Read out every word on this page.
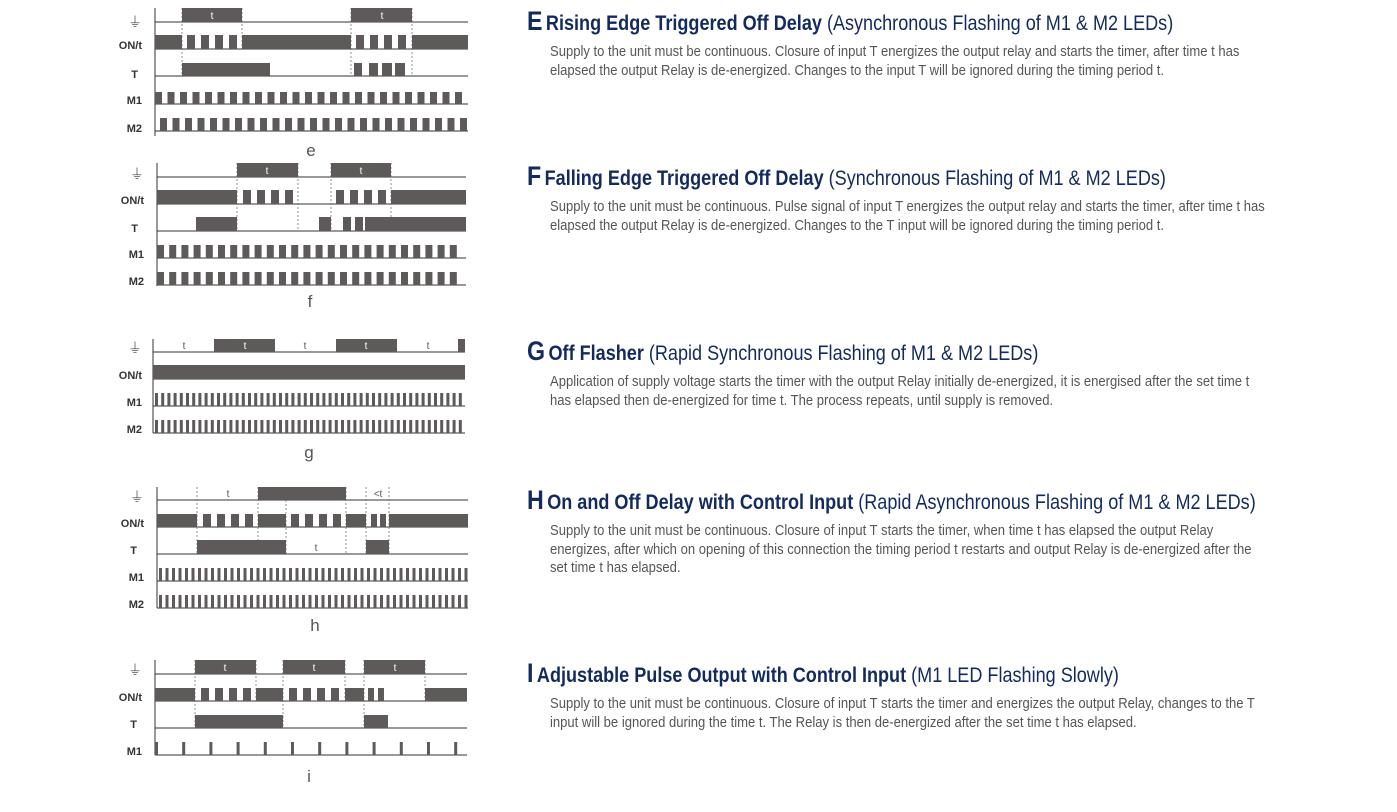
⏚
ON/t
T
M1
M2
t	t
e
⏚
ON/t
T
M1
M2
t	t
f
⏚
ON/t
M1
M2
t	t	t	t	t
g
⏚
ON/t
T
M1
M2
t	<t
t
h
⏚
ON/t
T
M1
t	t	t
i
E Rising Edge Triggered Off Delay (Asynchronous Flashing of M1 & M2 LEDs)

Supply to the unit must be continuous. Closure of input T energizes the output relay and starts the timer, after time t has elapsed the output Relay is de-energized. Changes to the input T will be ignored during the timing period t.

F Falling Edge Triggered Off Delay (Synchronous Flashing of M1 & M2 LEDs)

Supply to the unit must be continuous. Pulse signal of input T energizes the output relay and starts the timer, after time t has elapsed the output Relay is de-energized. Changes to the T input will be ignored during the timing period t.

G Off Flasher (Rapid Synchronous Flashing of M1 & M2 LEDs)

Application of supply voltage starts the timer with the output Relay initially de-energized, it is energised after the set time t has elapsed then de-energized for time t. The process repeats, until supply is removed.

H On and Off Delay with Control Input (Rapid Asynchronous Flashing of M1 & M2 LEDs)

Supply to the unit must be continuous. Closure of input T starts the timer, when time t has elapsed the output Relay energizes, after which on opening of this connection the timing period t restarts and output Relay is de-energized after the set time t has elapsed.

I Adjustable Pulse Output with Control Input (M1 LED Flashing Slowly)

Supply to the unit must be continuous. Closure of input T starts the timer and energizes the output Relay, changes to the T input will be ignored during the time t. The Relay is then de-energized after the set time t has elapsed.
